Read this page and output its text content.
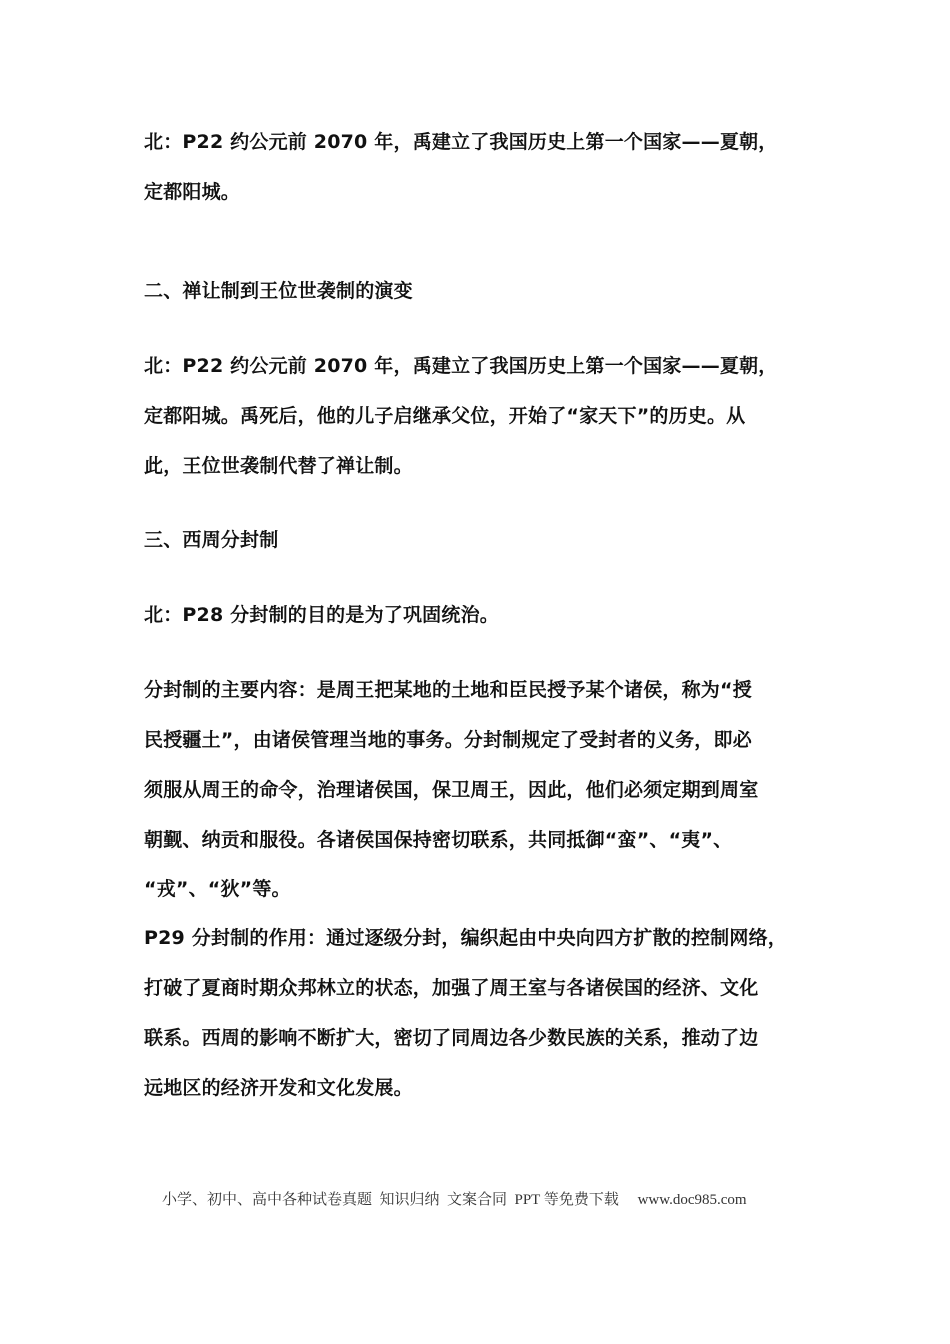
北：P22 约公元前 2070 年，禹建立了我国历史上第一个国家——夏朝，
定都阳城。
二、禅让制到王位世袭制的演变
北：P22 约公元前 2070 年，禹建立了我国历史上第一个国家——夏朝，
定都阳城。禹死后，他的儿子启继承父位，开始了“家天下”的历史。从
此，王位世袭制代替了禅让制。
三、西周分封制
北：P28 分封制的目的是为了巩固统治。
分封制的主要内容：是周王把某地的土地和臣民授予某个诸侯，称为“授
民授疆土”，由诸侯管理当地的事务。分封制规定了受封者的义务，即必
须服从周王的命令，治理诸侯国，保卫周王，因此，他们必须定期到周室
朝觐、纳贡和服役。各诸侯国保持密切联系，共同抵御“蛮”、“夷”、
“戎”、“狄”等。
P29 分封制的作用：通过逐级分封，编织起由中央向四方扩散的控制网络，
打破了夏商时期众邦林立的状态，加强了周王室与各诸侯国的经济、文化
联系。西周的影响不断扩大，密切了同周边各少数民族的关系，推动了边
远地区的经济开发和文化发展。
小学、初中、高中各种试卷真题  知识归纳  文案合同  PPT 等免费下载     www.doc985.com
